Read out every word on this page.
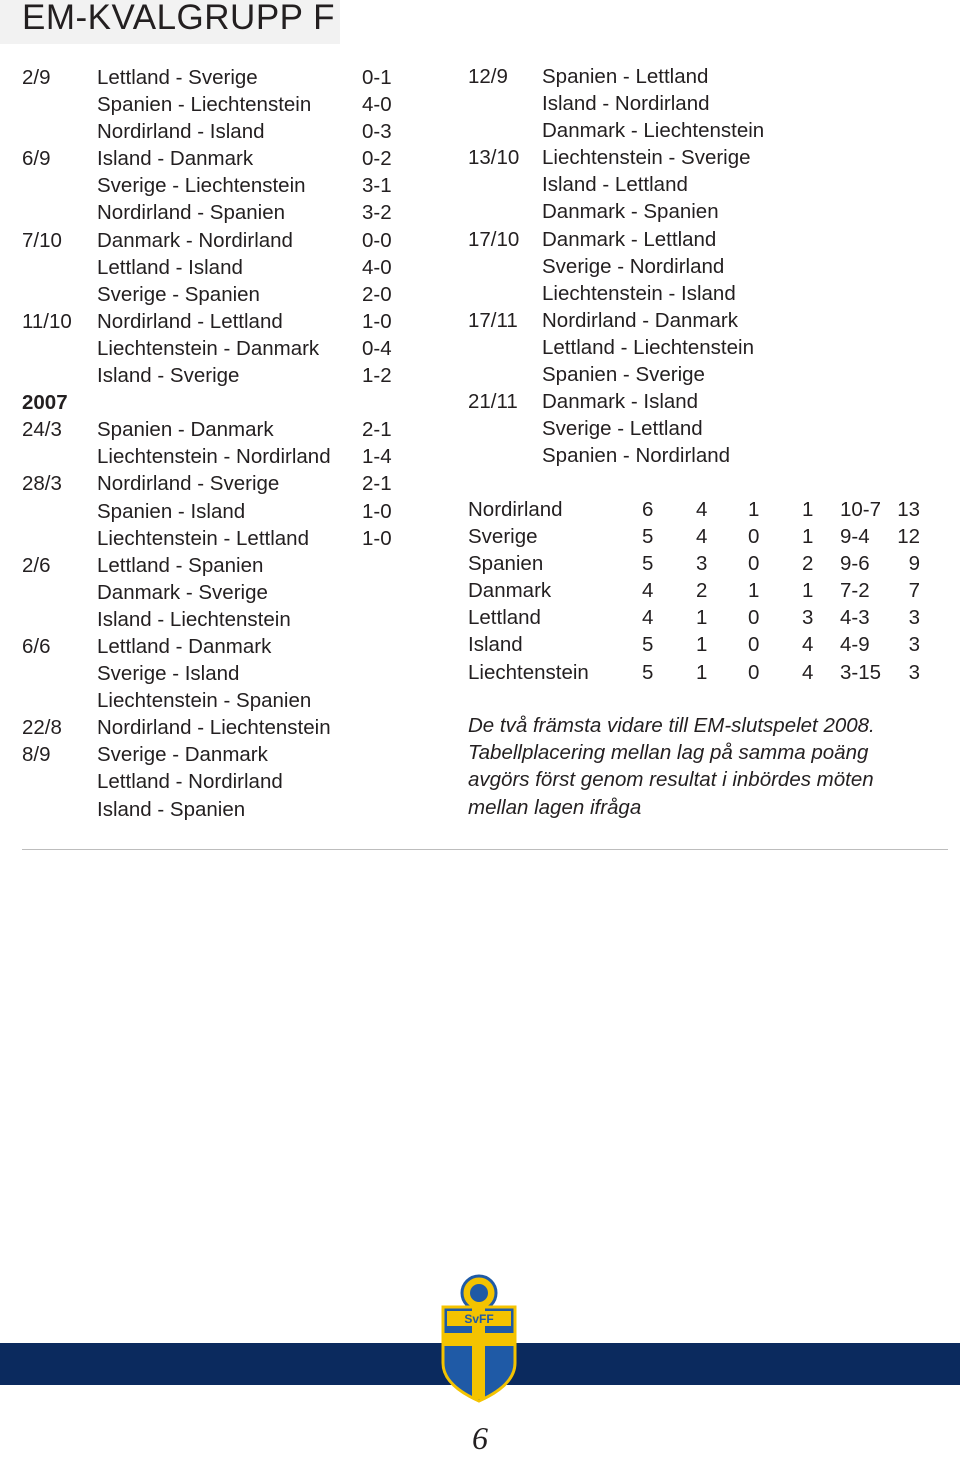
EM-KVALGRUPP F
2/9 Lettland - Sverige	0-1
Spanien - Liechtenstein 4-0
Nordirland - Island	0-3
6/9 Island - Danmark	0-2
Sverige - Liechtenstein	3-1
Nordirland - Spanien	3-2
7/10 Danmark - Nordirland	0-0
Lettland - Island	4-0
Sverige - Spanien	2-0
11/10 Nordirland - Lettland	1-0
Liechtenstein - Danmark 0-4
Island - Sverige	1-2
2007
24/3 Spanien - Danmark	2-1
Liechtenstein - Nordirland 1-4
28/3 Nordirland - Sverige	2-1
Spanien - Island	1-0
Liechtenstein - Lettland	1-0
2/6 Lettland - Spanien
Danmark - Sverige
Island - Liechtenstein
6/6 Lettland - Danmark
Sverige - Island
Liechtenstein - Spanien
22/8 Nordirland - Liechtenstein
8/9 Sverige - Danmark
Lettland - Nordirland
Island - Spanien
12/9 Spanien - Lettland
Island - Nordirland
Danmark - Liechtenstein
13/10 Liechtenstein - Sverige
Island - Lettland
Danmark - Spanien
17/10 Danmark - Lettland
Sverige - Nordirland
Liechtenstein - Island
17/11 Nordirland - Danmark
Lettland - Liechtenstein
Spanien - Sverige
21/11 Danmark - Island
Sverige - Lettland
Spanien - Nordirland
Nordirland	6 4 1 1 10-7 13
Sverige	5 4 0 1 9-4	12
Spanien	5 3 0 2 9-6	9
Danmark	4 2 1 1 7-2	7
Lettland	4 1 0 3 4-3	3
Island	5 1 0 4 4-9	3
Liechtenstein	5 1 0 4 3-15	3
De två främsta vidare till EM-slutspelet 2008.
Tabellplacering mellan lag på samma poäng
avgörs först genom resultat i inbördes möten
mellan lagen ifråga
SvFF
6
